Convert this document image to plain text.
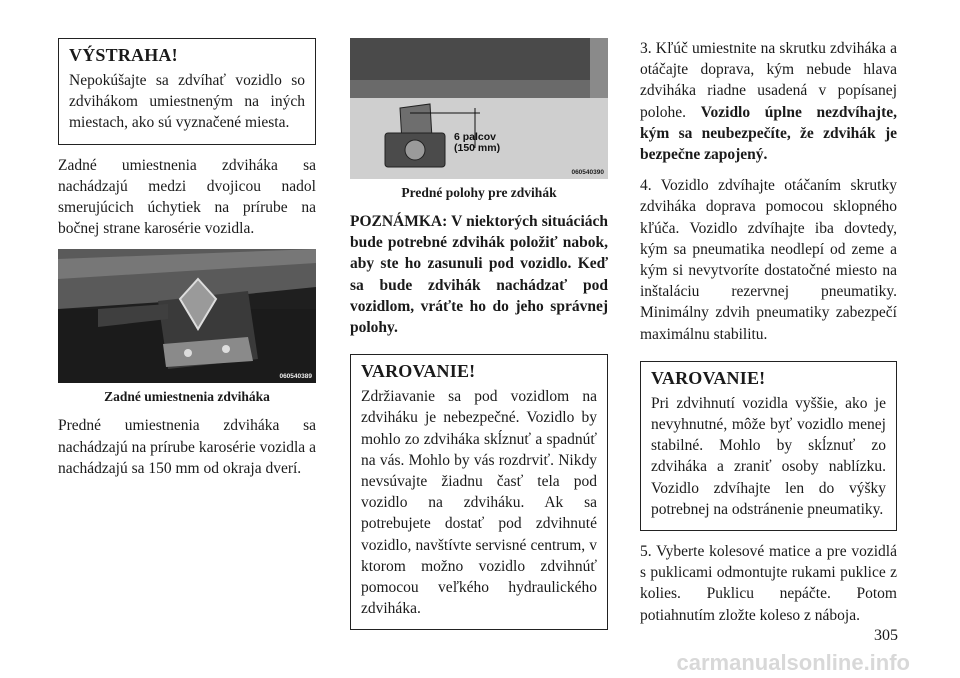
VÝSTRAHA!

Nepokúšajte sa zdvíhať vozidlo so zdvihákom umiestneným na iných miestach, ako sú vyznačené miesta.

Zadné umiestnenia zdviháka sa nachádzajú medzi dvojicou nadol smerujúcich úchytiek na prírube na bočnej strane karosérie vozidla.

060540389
Zadné umiestnenia zdviháka

Predné umiestnenia zdviháka sa nachádzajú na prírube karosérie vozidla a nachádzajú sa 150 mm od okraja dverí.

6 palcov
(150 mm)
060540390
Predné polohy pre zdvihák

POZNÁMKA: V niektorých situáciách bude potrebné zdvihák položiť nabok, aby ste ho zasunuli pod vozidlo. Keď sa bude zdvihák nachádzať pod vozidlom, vráťte ho do jeho správnej polohy.

VAROVANIE!

Zdržiavanie sa pod vozidlom na zdviháku je nebezpečné. Vozidlo by mohlo zo zdviháka skĺznuť a spadnúť na vás. Mohlo by vás rozdrviť. Nikdy nevsúvajte žiadnu časť tela pod vozidlo na zdviháku. Ak sa potrebujete dostať pod zdvihnuté vozidlo, navštívte servisné centrum, v ktorom možno vozidlo zdvihnúť pomocou veľkého hydraulického zdviháka.

3. Kľúč umiestnite na skrutku zdviháka a otáčajte doprava, kým nebude hlava zdviháka riadne usadená v popísanej polohe. Vozidlo úplne nezdvíhajte, kým sa neubezpečíte, že zdvihák je bezpečne zapojený.

4. Vozidlo zdvíhajte otáčaním skrutky zdviháka doprava pomocou sklopného kľúča. Vozidlo zdvíhajte iba dovtedy, kým sa pneumatika neodlepí od zeme a kým si nevytvoríte dostatočné miesto na inštaláciu rezervnej pneumatiky. Minimálny zdvih pneumatiky zabezpečí maximálnu stabilitu.

VAROVANIE!

Pri zdvihnutí vozidla vyššie, ako je nevyhnutné, môže byť vozidlo menej stabilné. Mohlo by skĺznuť zo zdviháka a zraniť osoby nablízku. Vozidlo zdvíhajte len do výšky potrebnej na odstránenie pneumatiky.

5. Vyberte kolesové matice a pre vozidlá s puklicami odmontujte rukami puklice z kolies. Puklicu nepáčte. Potom potiahnutím zložte koleso z nábojа.

305
carmanualsonline.info
